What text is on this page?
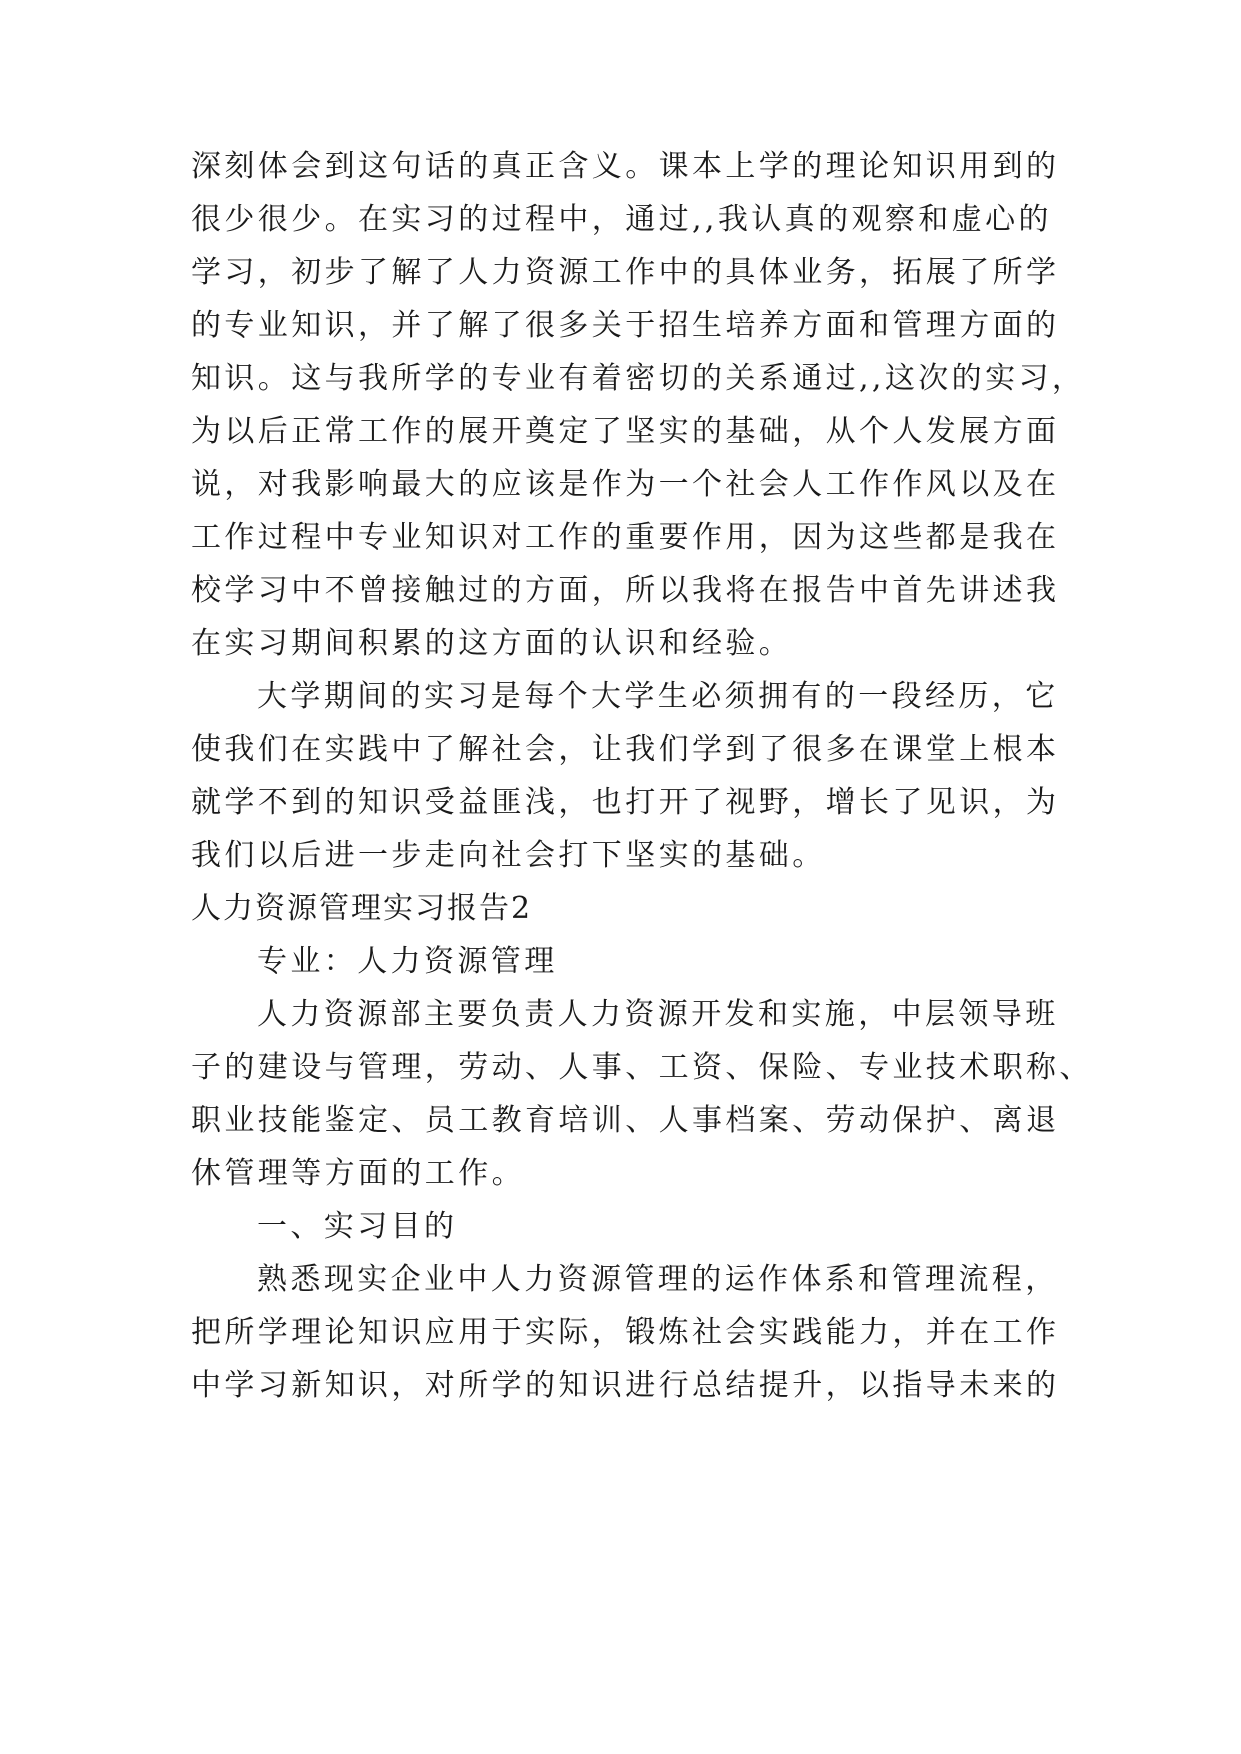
深刻体会到这句话的真正含义。课本上学的理论知识用到的
很少很少。在实习的过程中，通过,,我认真的观察和虚心的
学习，初步了解了人力资源工作中的具体业务，拓展了所学
的专业知识，并了解了很多关于招生培养方面和管理方面的
知识。这与我所学的专业有着密切的关系通过,,这次的实习，
为以后正常工作的展开奠定了坚实的基础，从个人发展方面
说，对我影响最大的应该是作为一个社会人工作作风以及在
工作过程中专业知识对工作的重要作用，因为这些都是我在
校学习中不曾接触过的方面，所以我将在报告中首先讲述我
在实习期间积累的这方面的认识和经验。
大学期间的实习是每个大学生必须拥有的一段经历，它
使我们在实践中了解社会，让我们学到了很多在课堂上根本
就学不到的知识受益匪浅，也打开了视野，增长了见识，为
我们以后进一步走向社会打下坚实的基础。
人力资源管理实习报告2
专业：人力资源管理
人力资源部主要负责人力资源开发和实施，中层领导班
子的建设与管理，劳动、人事、工资、保险、专业技术职称、
职业技能鉴定、员工教育培训、人事档案、劳动保护、离退
休管理等方面的工作。
一、实习目的
熟悉现实企业中人力资源管理的运作体系和管理流程，
把所学理论知识应用于实际，锻炼社会实践能力，并在工作
中学习新知识，对所学的知识进行总结提升，以指导未来的
